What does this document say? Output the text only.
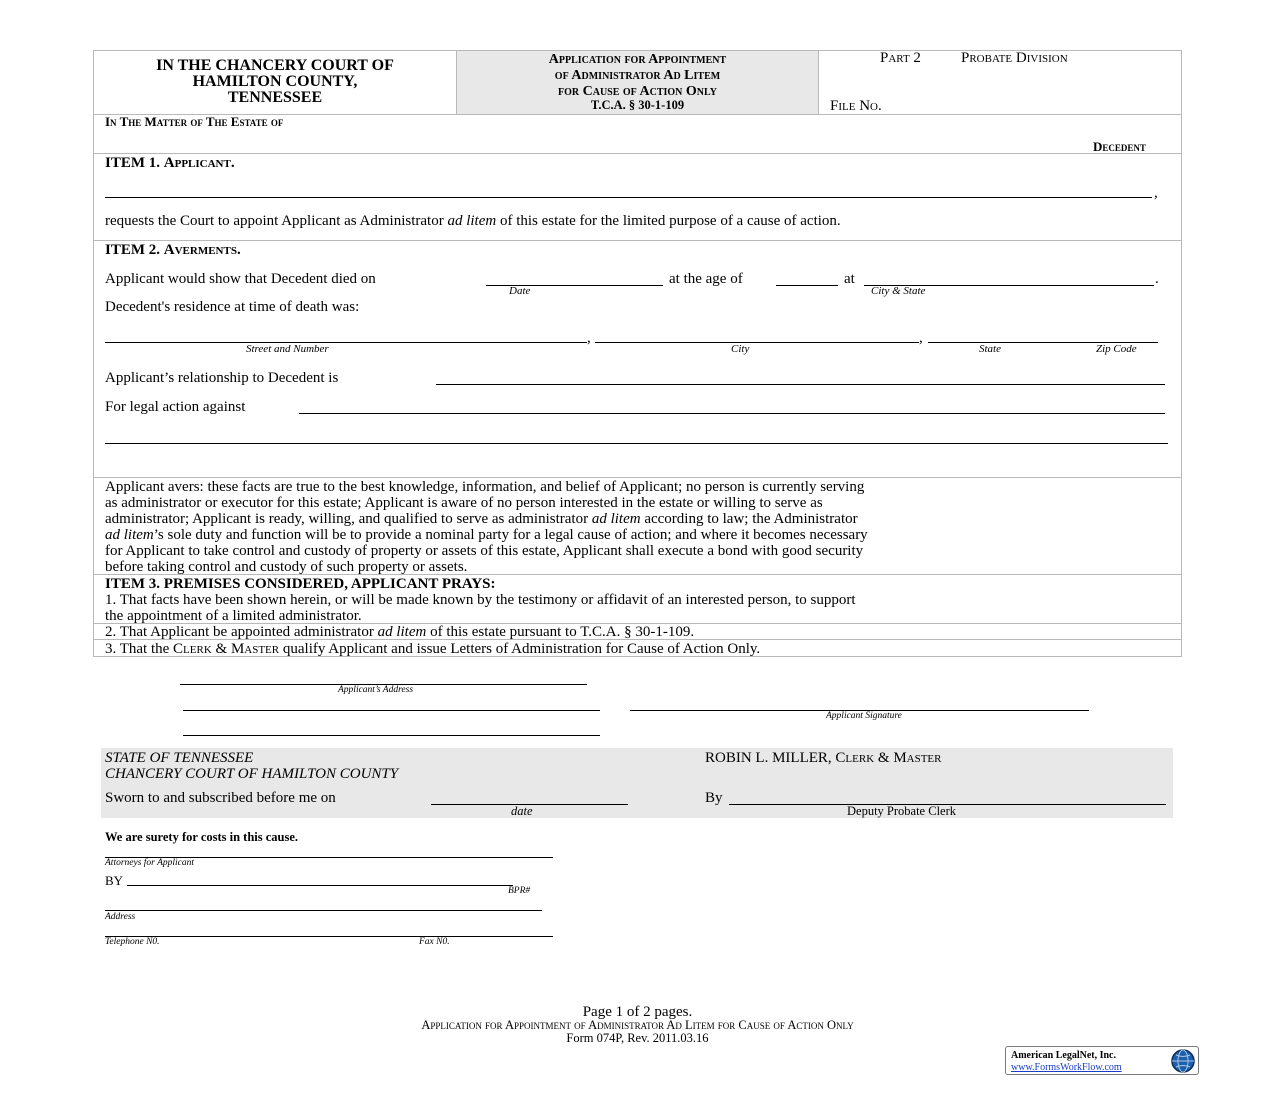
IN THE CHANCERY COURT OF
HAMILTON COUNTY,
TENNESSEE
Application for Appointment
of Administrator Ad Litem
for Cause of Action Only
T.C.A. § 30-1-109
Part 2	Probate Division
File No.
In The Matter of The Estate of
Decedent
ITEM 1. Applicant.
,
requests the Court to appoint Applicant as Administrator ad litem of this estate for the limited purpose of a cause of action.
ITEM 2. Averments.
Applicant would show that Decedent died on	at the age of	at	.
Date	City & State
Decedent's residence at time of death was:
,	,
Street and Number	City	State	Zip Code
Applicant’s relationship to Decedent is
For legal action against
Applicant avers: these facts are true to the best knowledge, information, and belief of Applicant; no person is currently serving
as administrator or executor for this estate; Applicant is aware of no person interested in the estate or willing to serve as
administrator; Applicant is ready, willing, and qualified to serve as administrator ad litem according to law; the Administrator
ad litem’s sole duty and function will be to provide a nominal party for a legal cause of action; and where it becomes necessary
for Applicant to take control and custody of property or assets of this estate, Applicant shall execute a bond with good security
before taking control and custody of such property or assets.
ITEM 3. PREMISES CONSIDERED, APPLICANT PRAYS:
1. That facts have been shown herein, or will be made known by the testimony or affidavit of an interested person, to support
the appointment of a limited administrator.
2. That Applicant be appointed administrator ad litem of this estate pursuant to T.C.A. § 30-1-109.
3. That the Clerk & Master qualify Applicant and issue Letters of Administration for Cause of Action Only.
Applicant’s Address
Applicant Signature
STATE OF TENNESSEE
CHANCERY COURT OF HAMILTON COUNTY
Sworn to and subscribed before me on
date
ROBIN L. MILLER, Clerk & Master
By
Deputy Probate Clerk
We are surety for costs in this cause.
Attorneys for Applicant
BY
BPR#
Address
Telephone N0.	Fax N0.
Page 1 of 2 pages.
Application for Appointment of Administrator Ad Litem for Cause of Action Only
Form 074P, Rev. 2011.03.16
American LegalNet, Inc.
www.FormsWorkFlow.com
